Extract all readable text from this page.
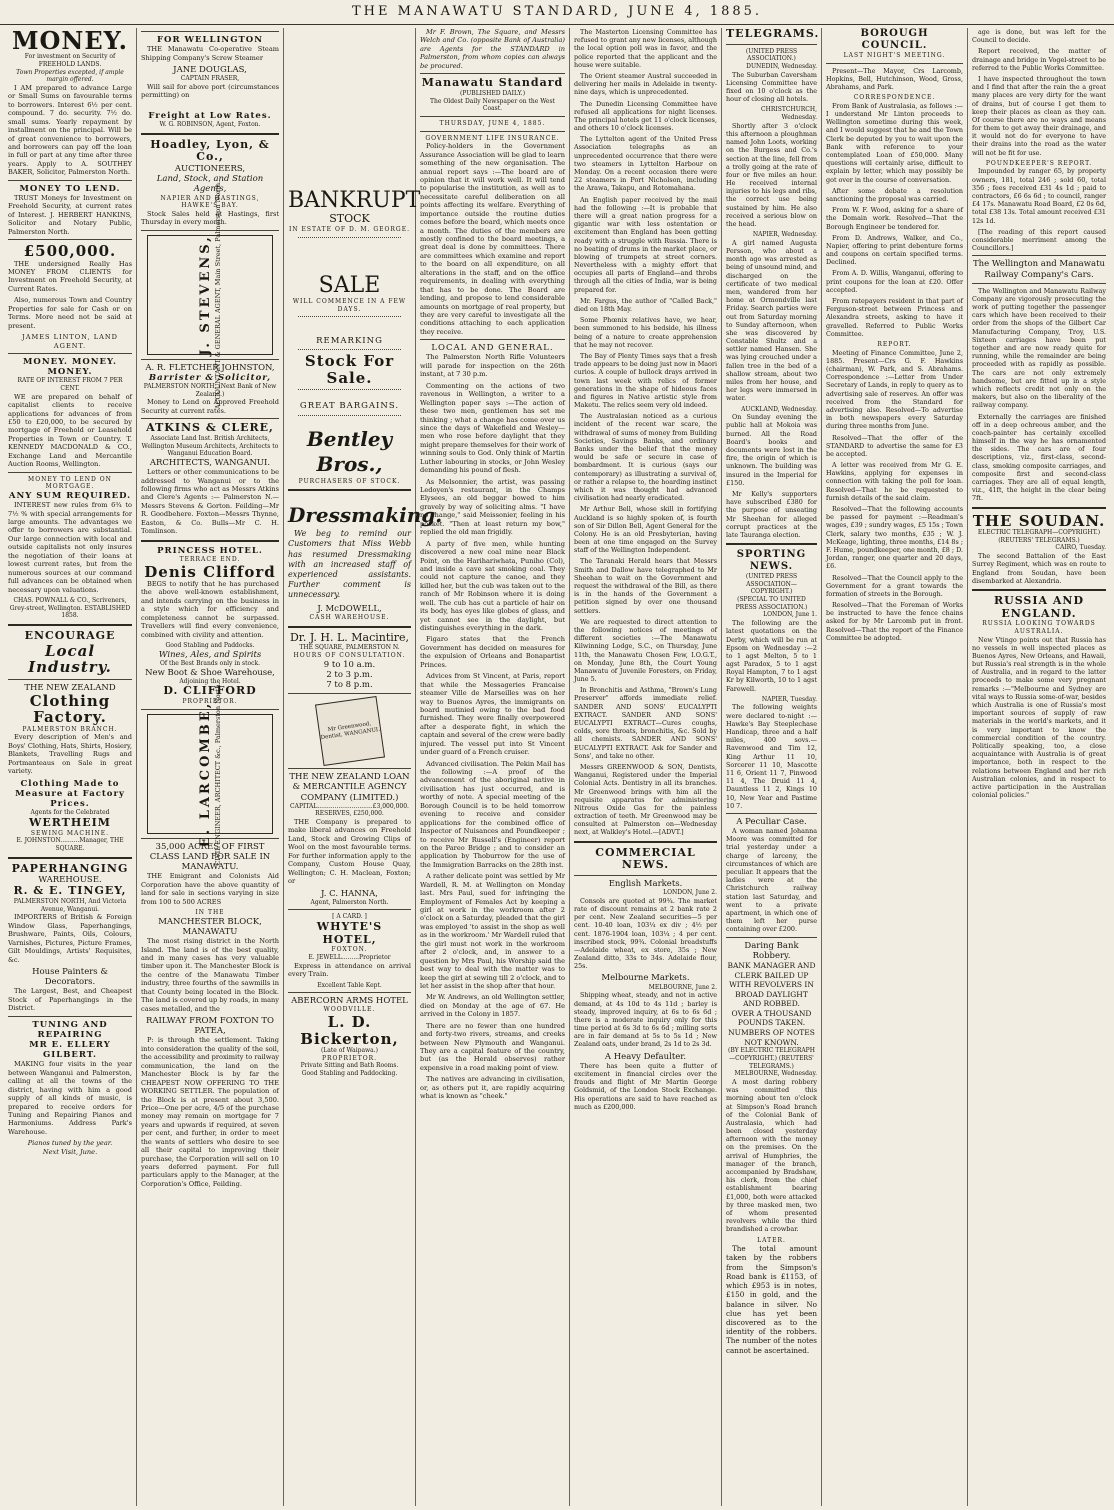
THE MANAWATU STANDARD, JUNE 4, 1885.
MONEY.
For investment on Security of FREEHOLD LANDS.
Town Properties excepted, if ample margin offered.
I AM prepared to advance Large or Small Sums on favourable terms to borrowers. Interest 6½ per cent. compound. 7 do. security. 7½ do. small sums. Yearly repayment by installment on the principal. Will be of great convenience to borrowers, and borrowers can pay off the loan in full or part at any time after three years. Apply to A. SOUTHEY BAKER, Solicitor, Palmerston North.
MONEY TO LEND.
TRUST Moneys for Investment on Freehold Security, at current rates of Interest. J. HERBERT HANKINS, Solicitor and Notary Public, Palmerston North.
£500,000.
THE undersigned Really Has MONEY FROM CLIENTS for Investment on Freehold Security, at Current Rates.
Also, numerous Town and Country Properties for sale for Cash or on Terms. More need not be said at present.
JAMES LINTON, LAND AGENT.
MONEY. MONEY. MONEY.
RATE OF INTEREST FROM 7 PER CENT.
WE are prepared on behalf of capitalist clients to receive applications for advances of from £50 to £20,000, to be secured by mortgage of Freehold or Leasehold Properties in Town or Country. T. KENNEDY MACDONALD & CO., Exchange Land and Mercantile Auction Rooms, Wellington.
MONEY TO LEND ON MORTGAGE.
ANY SUM REQUIRED.
INTEREST new rules from 6¾ to 7½ % with special arrangements for large amounts. The advantages we offer to borrowers are substantial. Our large connection with local and outside capitalists not only insures the negotiation of their loans at lowest current rates, but from the numerous sources at our command full advances can be obtained when necessary upon valuations.
CHAS. POWNALL & CO., Scriveners, Grey-street, Wellington. ESTABLISHED 1858.
ENCOURAGE
Local Industry.
THE NEW ZEALAND
Clothing Factory.
PALMERSTON BRANCH.
Every description of Men's and Boys' Clothing, Hats, Shirts, Hosiery, Blankets, Travelling Rugs and Portmanteaus on Sale in great variety.
Clothing Made to Measure at Factory Prices.
Agents for the Celebrated
WERTHEIM
SEWING MACHINE.
E. JOHNSTON..........Manager, THE SQUARE.
PAPERHANGING
WAREHOUSE.
R. & E. TINGEY,
PALMERSTON NORTH, And Victoria Avenue, Wanganui.
IMPORTERS of British & Foreign Window Glass, Paperhangings, Brushware, Paints, Oils, Colours, Varnishes, Pictures, Picture Frames, Gilt Mouldings, Artists' Requisites, &c.
House Painters & Decorators.
The Largest, Best, and Cheapest Stock of Paperhangings in the District.
TUNING AND REPAIRING
MR E. ELLERY GILBERT.
MAKING four visits in the year between Wanganui and Palmerston, calling at all the towns of the district, having with him a good supply of all kinds of music, is prepared to receive orders for Tuning and Repairing Pianos and Harmoniums. Address Park's Warehouse.
Pianos tuned by the year.
Next Visit, June.
FOR WELLINGTON
THE Manawatu Co-operative Steam Shipping Company's Screw Steamer
JANE DOUGLAS,
CAPTAIN FRASER,
Will sail for above port (circumstances permitting) on
Freight at Low Rates.
W. G. ROBINSON, Agent, Foxton.
Hoadley, Lyon, & Co.,
AUCTIONEERS,
Land, Stock, and Station Agents,
NAPIER AND HASTINGS, HAWKE'S BAY.
Stock Sales held at Hastings, first Thursday in every month.
J. STEVENS, ACCOUNTANT & GENERAL AGENT, Main Street, Palmerston North.
A. R. FLETCHER JOHNSTON,
Barrister & Solicitor,
PALMERSTON NORTH, (Next Bank of New Zealand.)
Money to Lend on Approved Freehold Security at current rates.
ATKINS & CLERE,
Associate Land Inst. British Architects, Wellington Museum Architects, Architects to Wanganui Education Board.
ARCHITECTS, WANGANUI.
Letters or other communications to be addressed to Wanganui or to the following firms who act as Messrs Atkins and Clere's Agents :— Palmerston N.—Messrs Stevens & Gorton. Feilding—Mr R. Goodbehere. Foxton—Messrs Thynne, Easton, & Co. Bulls—Mr C. H. Tomlinson.
PRINCESS HOTEL.
TERRACE END.
Denis Clifford
BEGS to notify that he has purchased the above well-known establishment, and intends carrying on the business in a style which for efficiency and completeness cannot be surpassed. Travellers will find every convenience, combined with civility and attention.
Good Stabling and Paddocks.
Wines, Ales, and Spirits
Of the Best Brands only in stock.
New Boot & Shoe Warehouse,
Adjoining the Hotel.
D. CLIFFORD
PROPRIETOR.
E. LARCOMBE, CIVIL ENGINEER, ARCHITECT &c., Palmerston North.
35,000 ACRES OF FIRST CLASS LAND FOR SALE IN MANAWATU.
THE Emigrant and Colonists Aid Corporation have the above quantity of land for sale in sections varying in size from 100 to 500 ACRES
IN THE
MANCHESTER BLOCK, MANAWATU
The most rising district in the North Island. The land is of the best quality, and in many cases has very valuable timber upon it. The Manchester Block is the centre of the Manawatu Timber industry, three fourths of the sawmills in that County being located in the Block. The land is covered up by roads, in many cases metalled, and the
RAILWAY FROM FOXTON TO PATEA,
P: is through the settlement. Taking into consideration the quality of the soil, the accessibility and proximity to railway communication, the land on the Manchester Block is by far the CHEAPEST NOW OFFERING TO THE WORKING SETTLER. The population of the Block is at present about 3,500. Price—One per acre, 4/5 of the purchase money may remain on mortgage for 7 years and upwards if required, at seven per cent, and further, in order to meet the wants of settlers who desire to see all their capital to improving their purchase, the Corporation will sell on 10 years deferred payment. For full particulars apply to the Manager, at the Corporation's Office, Feilding.
BANKRUPT
STOCK
IN ESTATE OF D. M. GEORGE.
SALE
WILL COMMENCE IN A FEW DAYS.
REMARKING
Stock For Sale.
GREAT BARGAINS.
Bentley Bros.,
PURCHASERS OF STOCK.
Dressmaking.
We beg to remind our Customers that Miss Webb has resumed Dressmaking with an increased staff of experienced assistants. Further comment is unnecessary.
J. McDOWELL,
CASH WAREHOUSE.
Dr. J. H. L. Macintire,
THE SQUARE, PALMERSTON N.
HOURS OF CONSULTATION.
9 to 10 a.m.
2 to 3 p.m.
7 to 8 p.m.
Mr Greenwood, Dentist, WANGANUI.
THE NEW ZEALAND LOAN & MERCANTILE AGENCY COMPANY (LIMITED.)
CAPITAL.............................£3,000,000.
RESERVES, £250,000.
THE Company is prepared to make liberal advances on Freehold Land, Stock and Growing Clips of Wool on the most favourable terms. For further information apply to the Company, Custom House Quay, Wellington; C. H. Maclean, Foxton; or
J. C. HANNA,
Agent, Palmerston North.
[ A CARD. ]
WHYTE'S HOTEL,
FOXTON.
E. JEWELL.........Proprietor
Express in attendance on arrival every Train.
Excellent Table Kept.
ABERCORN ARMS HOTEL
WOODVILLE.
L. D. Bickerton,
(Late of Waipawa.)
PROPRIETOR.
Private Sitting and Bath Rooms.
Good Stabling and Paddocking.
Mr F. Brown, The Square, and Messrs Welch and Co. (opposite Bank of Australia) are Agents for the STANDARD in Palmerston, from whom copies can always be procured.
Manawatu Standard
(PUBLISHED DAILY.)
The Oldest Daily Newspaper on the West Coast.
THURSDAY, JUNE 4, 1885.
GOVERNMENT LIFE INSURANCE.
Policy-holders in the Government Assurance Association will be glad to learn something of the new organisation. The annual report says :—The board are of opinion that it will work well. It will tend to popularise the institution, as well as to necessitate careful deliberation on all points affecting its welfare. Everything of importance outside the routine duties comes before the board, which meets once a month. The duties of the members are mostly confined to the board meetings, a great deal is done by committees. There are committees which examine and report to the board on all expenditure, on all alterations in the staff, and on the office requirements, in dealing with everything that has to be done. The Board are lending, and propose to lend considerable amounts on mortgage of real property, but they are very careful to investigate all the conditions attaching to each application they receive.
LOCAL AND GENERAL.
The Palmerston North Rifle Volunteers will parade for inspection on the 26th instant, at 7 30 p.m.
Commenting on the actions of two ravenous in Wellington, a writer to a Wellington paper says :—The action of these two men, gentlemen has set me thinking ; what a change has come over us since the days of Wakefield and Wesley—men who rose before daylight that they might prepare themselves for their work of winning souls to God. Only think of Martin Luther labouring in stocks, or John Wesley demanding his pound of flesh.
As Melsonnier, the artist, was passing Ledoyen's restaurant, in the Champs Elysees, an old beggar bowed to him gravely by way of soliciting alms. "I have no change," said Meissonier, feeling in his pocket. "Then at least return my bow," replied the old man frigidly.
A party of five men, while hunting discovered a new coal mine near Black Point, on the Harihariwhata, Puniho (Col), and inside a cave sat smoking coal. They could not capture the canoe, and they killed her, but the cub was taken out to the ranch of Mr Robinson where it is doing well. The cub has cut a particle of hair on its body, has eyes like globes of glass, and yet cannot see in the daylight, but distinguishes everything in the dark.
Figaro states that the French Government has decided on measures for the expulsion of Orleans and Bonapartist Princes.
Advices from St Vincent, at Paris, report that while the Messageries Francaise steamer Ville de Marseilles was on her way to Buenos Ayres, the immigrants on board mutinied owing to the bad food furnished. They were finally overpowered after a desperate fight, in which the captain and several of the crew were badly injured. The vessel put into St Vincent under guard of a French cruiser.
Advanced civilisation. The Pekin Mail has the following :—A proof of the advancement of the aboriginal native in civilisation has just occurred, and is worthy of note. A special meeting of the Borough Council is to be held tomorrow evening to receive and consider applications for the combined office of Inspector of Nuisances and Poundkeeper ; to receive Mr Russell's (Engineer) report on the Pareo Bridge ; and to consider an application by Thoburrow for the use of the Immigration Barracks on the 28th inst.
A rather delicate point was settled by Mr Wardell, R. M. at Wellington on Monday last. Mrs Paul, sued for infringing the Employment of Females Act by keeping a girl at work in the workroom after 2 o'clock on a Saturday, pleaded that the girl was employed 'to assist in the shop as well as in the workroom.' Mr Wardell ruled that the girl must not work in the workroom after 2 o'clock, and, in answer to a question by Mrs Paul, his Worship said the best way to deal with the matter was to keep the girl at sewing till 2 o'clock, and to let her assist in the shop after that hour.
Mr W. Andrews, an old Wellington settler, died on Monday at the age of 67. He arrived in the Colony in 1857.
There are no fewer than one hundred and forty-two rivers, streams, and creeks between New Plymouth and Wanganui. They are a capital feature of the country, but (as the Herald observes) rather expensive in a road making point of view.
The natives are advancing in civilisation, or, as others put it, are rapidly acquiring what is known as "cheek."
The Masterton Licensing Committee has refused to grant any new licenses, although the local option poll was in favor, and the police reported that the applicant and the house were suitable.
The Orient steamer Austral succeeded in delivering her mails in Adelaide in twenty-nine days, which is unprecedented.
The Dunedin Licensing Committee have refused all applications for night licenses. The principal hotels get 11 o'clock licenses, and others 10 o'clock licenses.
The Lyttelton agent of the United Press Association telegraphs as an unprecedented occurrence that there were two steamers in Lyttelton Harbour on Monday. On a recent occasion there were 22 steamers in Port Nicholson, including the Arawa, Takapu, and Rotomahana.
An English paper received by the mail had the following :—It is probable that there will a great nation progress for a gigantic war with less ostentation or excitement than England has been getting ready with a struggle with Russia. There is no beating of drums in the market place, or blowing of trumpets at street corners. Nevertheless with a mighty effort that occupies all parts of England—and throbs through all the cities of India, war is being prepared for.
Mr. Fargus, the author of "Called Back," died on 18th May.
Some Phœnix relatives have, we hear, been summoned to his bedside, his illness being of a nature to create apprehension that he may not recover.
The Bay of Plenty Times says that a fresh trade appears to be doing just now in Maori curios. A couple of bullock drays arrived in town last week with relics of former generations in the shape of hideous faces and figures in Native artistic style from Maketu. The relics seem very old indeed.
The Australasian noticed as a curious incident of the recent war scare, the withdrawal of sums of money from Building Societies, Savings Banks, and ordinary Banks under the belief that the money would be safe or secure in case of bombardment. It is curious (says our contemporary) as illustrating a survival of, or rather a relapse to, the hoarding instinct which it was thought had advanced civilisation had nearly eradicated.
Mr Arthur Bell, whose skill in fortifying Auckland is so highly spoken of, is fourth son of Sir Dillon Bell, Agent General for the Colony. He is an old Presbyterian, having been at one time engaged on the Survey staff of the Wellington Independent.
The Taranaki Herald hears that Messrs Smith and Dallow have telegraphed to Mr Sheehan to wait on the Government and request the withdrawal of the Bill, as there is in the hands of the Government a petition signed by over one thousand settlers.
We are requested to direct attention to the following notices of meetings of different societies :—The Manawatu Kilwinning Lodge, S.C., on Thursday, June 11th, the Manawatu Chosen Few, I.O.G.T., on Monday, June 8th, the Court Young Manawatu of Juvenile Foresters, on Friday, June 5.
In Bronchitis and Asthma, "Brown's Lung Preserver" affords immediate relief. SANDER AND SONS' EUCALYPTI EXTRACT. SANDER AND SONS' EUCALYPTI EXTRACT—Cures coughs, colds, sore throats, bronchitis, &c. Sold by all chemists. SANDER AND SONS' EUCALYPTI EXTRACT. Ask for Sander and Sons', and take no other.
Messrs GREENWOOD & SON, Dentists, Wanganui, Registered under the Imperial Colonial Acts. Dentistry in all its branches. Mr Greenwood brings with him all the requisite apparatus for administering Nitrous Oxide Gas for the painless extraction of teeth. Mr Greenwood may be consulted at Palmerston on—Wednesday next, at Walkley's Hotel.—[ADVT.]
COMMERCIAL NEWS.
English Markets.
LONDON, June 2.
Consols are quoted at 99¾. The market rate of discount remains at 2 bank rate 2 per cent. New Zealand securities—5 per cent. 10-40 loan, 103¼ ex div ; 4½ per cent. 1876-1904 loan, 103¼ ; 4 per cent. inscribed stock, 99¾. Colonial breadstuffs—Adelaide wheat, ex store, 35s ; New Zealand ditto, 33s to 34s. Adelaide flour, 25s.
Melbourne Markets.
MELBOURNE, June 2.
Shipping wheat, steady, and not in active demand, at 4s 10d to 4s 11d ; barley is steady, improved inquiry, at 6s to 6s 6d ; there is a moderate inquiry only for this time period at 6s 3d to 6s 6d ; milling sorts are in fair demand at 5s to 5s 1d ; New Zealand oats, under brand, 2s 1d to 2s 3d.
A Heavy Defaulter.
There has been quite a flutter of excitement in financial circles over the frauds and flight of Mr Martin George Goldsmid, of the London Stock Exchange. His operations are said to have reached as much as £200,000.
TELEGRAMS.
(UNITED PRESS ASSOCIATION.)
DUNEDIN, Wednesday.
The Suburban Caversham Licensing Committee have fixed on 10 o'clock as the hour of closing all hotels.
CHRISTCHURCH, Wednesday.
Shortly after 3 o'clock this afternoon a ploughman named John Loots, working on the Burgess and Co.'s section at the line, fell from a trolly going at the rate of four or five miles an hour. He received internal injuries to his legs and ribs, the correct use being sustained by him. He also received a serious blow on the head.
NAPIER, Wednesday.
A girl named Augusta Persson, who about a month ago was arrested as being of unsound mind, and discharged on the certificate of two medical men, wandered from her home at Ormondville last Friday. Search parties were out from Saturday morning to Sunday afternoon, when she was discovered by Constable Shultz and a settler named Hansen. She was lying crouched under a fallen tree in the bed of a shallow stream, about two miles from her house, and her legs were immersed in water.
AUCKLAND, Wednesday.
On Sunday evening the public hall at Mokoia was burned. All the Road Board's books and documents were lost in the fire, the origin of which is unknown. The building was insured in the Imperial for £150.
Mr Kelly's supporters have subscribed £380 for the purpose of unseating Mr Sheehan for alleged corrupt practices at the late Tauranga election.
SPORTING NEWS.
(UNITED PRESS ASSOCIATION—COPYRIGHT.)
(SPECIAL TO UNITED PRESS ASSOCIATION.)
LONDON, June 1.
The following are the latest quotations on the Derby, which will be run at Epsom on Wednesday :—2 to 1 agst Melton, 5 to 1 agst Paradox, 5 to 1 agst Royal Hampton, 7 to 1 agst Kr by Kilworth, 10 to 1 agst Farewell.
NAPIER, Tuesday.
The following weights were declared to-night :—Hawke's Bay Steeplechase Handicap, three and a half miles, 400 sovs.—Ravenwood and Tim 12, King Arthur 11 10, Sorcerer 11 10, Mascotte 11 6, Orient 11 7, Pinwood 11 4, The Druid 11 4, Dauntless 11 2, Kings 10 10, New Year and Pastime 10 7.
A Peculiar Case.
A woman named Johanna Moore was committed for trial yesterday under a charge of larceny, the circumstances of which are peculiar. It appears that the ladies were at the Christchurch railway station last Saturday, and went to a private apartment, in which one of them left her purse containing over £200.
Daring Bank Robbery.
BANK MANAGER AND CLERK BAILED UP WITH REVOLVERS IN BROAD DAYLIGHT AND ROBBED.
OVER A THOUSAND POUNDS TAKEN.
NUMBERS OF NOTES NOT KNOWN.
(BY ELECTRIC TELEGRAPH—COPYRIGHT.) (REUTERS' TELEGRAMS.)
MELBOURNE, Wednesday.
A most daring robbery was committed this morning about ten o'clock at Simpson's Road branch of the Colonial Bank of Australasia, which had been closed yesterday afternoon with the money on the premises. On the arrival of Humphries, the manager of the branch, accompanied by Bradshaw, his clerk, from the chief establishment bearing £1,000, both were attacked by three masked men, two of whom presented revolvers while the third brandished a crowbar.
LATER.
The total amount taken by the robbers from the Simpson's Road bank is £1153, of which £953 is in notes, £150 in gold, and the balance in silver. No clue has yet been discovered as to the identity of the robbers. The number of the notes cannot be ascertained.
BOROUGH COUNCIL.
LAST NIGHT'S MEETING.
Present—The Mayor, Crs Larcomb, Hopkins, Bell, Hutchinson, Wood, Gross, Abrahams, and Park.
CORRESPONDENCE.
From Bank of Australasia, as follows :—I understand Mr Linton proceeds to Wellington sometime during this week, and I would suggest that he and the Town Clerk be deputed by you to wait upon the Bank with reference to your contemplated Loan of £50,000. Many questions will certainly arise, difficult to explain by letter, which may possibly be got over in the course of conversation.
After some debate a resolution sanctioning the proposal was carried.
From W. F. Wood, asking for a share of the Domain work. Resolved—That the Borough Engineer be tendered for.
From D. Andrews, Walker, and Co., Napier, offering to print debenture forms and coupons on certain specified terms. Declined.
From A. D. Willis, Wanganui, offering to print coupons for the loan at £20. Offer accepted.
From ratepayers resident in that part of Ferguson-street between Princess and Alexandra streets, asking to have it gravelled. Referred to Public Works Committee.
REPORT.
Meeting of Finance Committee, June 2, 1885. Present—Crs G. F. Hawkins (chairman), W. Park, and S. Abrahams. Correspondence :—Letter from Under Secretary of Lands, in reply to query as to advertising sale of reserves. An offer was received from the Standard for advertising also. Resolved—To advertise in both newspapers every Saturday during three months from June.
Resolved—That the offer of the STANDARD to advertise the same for £3 be accepted.
A letter was received from Mr G. E. Hawkins, applying for expenses in connection with taking the poll for loan. Resolved—That he be requested to furnish details of the said claim.
Resolved—That the following accounts be passed for payment :—Readman's wages, £39 ; sundry wages, £5 15s ; Town Clerk, salary two months, £35 ; W. J. McKeage, lighting, three months, £14 8s ; F. Hume, poundkeeper, one month, £8 ; D. Jordan, ranger, one quarter and 20 days, £6.
Resolved—That the Council apply to the Government for a grant towards the formation of streets in the Borough.
Resolved—That the Foreman of Works be instructed to have the fence chains asked for by Mr Larcomb put in front. Resolved—That the report of the Finance Committee be adopted.
age is done, but was left for the Council to decide.
Report received, the matter of drainage and bridge in Vogel-street to be referred to the Public Works Committee.
I have inspected throughout the town and I find that after the rain the a great many places are very dirty for the want of drains, but of course I get them to keep their places as clean as they can. Of course there are no ways and means for them to get away their drainage, and it would not do for everyone to have their drains into the road as the water will not be fit for use.
POUNDKEEPER'S REPORT.
Impounded by ranger 65, by property owners, 181, total 246 ; sold 60, total 356 ; fees received £31 4s 1d ; paid to contractors, £6 6s 6d ; to council, ranger £4 17s. Manawatu Road Board, £2 0s 6d, total £38 13s. Total amount received £31 12s 1d.
[The reading of this report caused considerable merriment among the Councillors.]
The Wellington and Manawatu Railway Company's Cars.
The Wellington and Manawatu Railway Company are vigorously prosecuting the work of putting together the passenger cars which have been received to their order from the shops of the Gilbert Car Manufacturing Company, Troy, U.S. Sixteen carriages have been put together and are now ready quite for running, while the remainder are being proceeded with as rapidly as possible. The cars are not only extremely handsome, but are fitted up in a style which reflects credit not only on the makers, but also on the liberality of the railway company.
Externally the carriages are finished off in a deep ochreous amber, and the coach-painter has certainly excelled himself in the way he has ornamented the sides. The cars are of four descriptions, viz., first-class, second-class, smoking composite carriages, and composite first and second-class carriages. They are all of equal length, viz., 41ft, the height in the clear being 7ft.
THE SOUDAN.
ELECTRIC TELEGRAPH—COPYRIGHT.) (REUTERS' TELEGRAMS.)
CAIRO, Tuesday.
The second Battalion of the East Surrey Regiment, which was en route to England from Soudan, have been disembarked at Alexandria.
RUSSIA AND ENGLAND.
RUSSIA LOOKING TOWARDS AUSTRALIA.
New Vtingo points out that Russia has no vessels in well inspected places as Buenos Ayres, New Orleans, and Hawaii, but Russia's real strength is in the whole of Australia, and in regard to the latter proceeds to make some very pregnant remarks :—"Melbourne and Sydney are vital ways to Russia some-of-war, besides which Australia is one of Russia's most important sources of supply of raw materials in the world's markets, and it is very important to know the commercial condition of the country. Politically speaking, too, a close acquaintance with Australia is of great importance, both in respect to the relations between England and her rich Australian colonies, and in respect to active participation in the Australian colonial policies."
